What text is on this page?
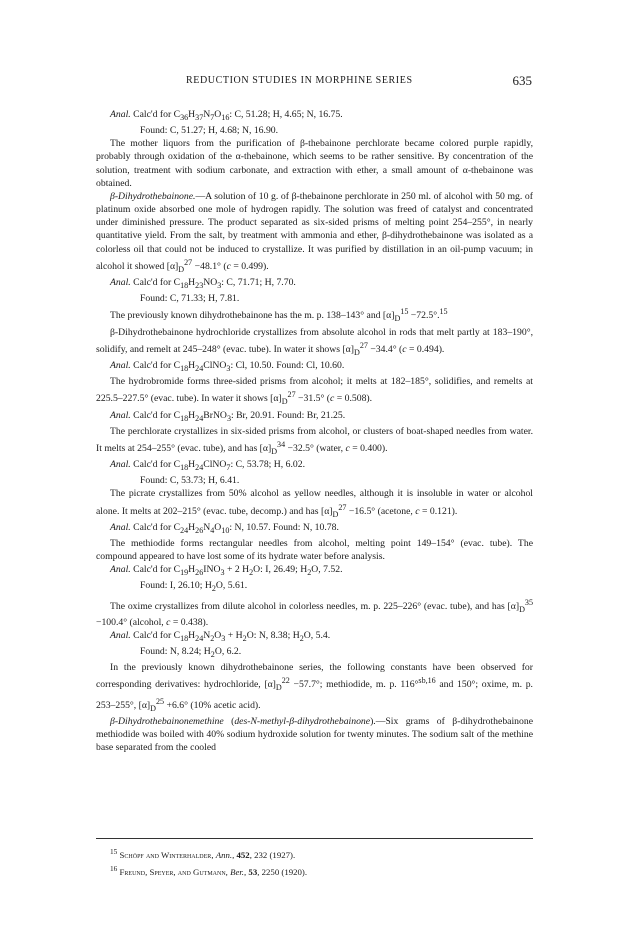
REDUCTION STUDIES IN MORPHINE SERIES	635

Anal. Calc'd for $C_{36}H_{37}N_7O_{16}$: C, 51.28; H, 4.65; N, 16.75.

Found: C, 51.27; H, 4.68; N, 16.90.

The mother liquors from the purification of β-thebainone perchlorate became colored purple rapidly, probably through oxidation of the α-thebainone, which seems to be rather sensitive. By concentration of the solution, treatment with sodium carbonate, and extraction with ether, a small amount of α-thebainone was obtained.

β-Dihydrothebainone.—A solution of 10 g. of β-thebainone perchlorate in 250 ml. of alcohol with 50 mg. of platinum oxide absorbed one mole of hydrogen rapidly. The solution was freed of catalyst and concentrated under diminished pressure. The product separated as six-sided prisms of melting point 254–255°, in nearly quantitative yield. From the salt, by treatment with ammonia and ether, β-dihydrothebainone was isolated as a colorless oil that could not be induced to crystallize. It was purified by distillation in an oil-pump vacuum; in alcohol it showed $[\alpha]_D^{27} -48.1^\circ$ (c = 0.499).

Anal. Calc'd for $C_{18}H_{23}NO_3$: C, 71.71; H, 7.70.

Found: C, 71.33; H, 7.81.

The previously known dihydrothebainone has the m. p. 138–143° and $[\alpha]_D^{15} -72.5^\circ.^{15}$

β-Dihydrothebainone hydrochloride crystallizes from absolute alcohol in rods that melt partly at 183–190°, solidify, and remelt at 245–248° (evac. tube). In water it shows $[\alpha]_D^{27} -34.4^\circ$ (c = 0.494).

Anal. Calc'd for $C_{18}H_{24}ClNO_3$: Cl, 10.50. Found: Cl, 10.60.

The hydrobromide forms three-sided prisms from alcohol; it melts at 182–185°, solidifies, and remelts at 225.5–227.5° (evac. tube). In water it shows $[\alpha]_D^{27} -31.5^\circ$ (c = 0.508).

Anal. Calc'd for $C_{18}H_{24}BrNO_3$: Br, 20.91. Found: Br, 21.25.

The perchlorate crystallizes in six-sided prisms from alcohol, or clusters of boat-shaped needles from water. It melts at 254–255° (evac. tube), and has $[\alpha]_D^{34} -32.5^\circ$ (water, c = 0.400).

Anal. Calc'd for $C_{18}H_{24}ClNO_7$: C, 53.78; H, 6.02.

Found: C, 53.73; H, 6.41.

The picrate crystallizes from 50% alcohol as yellow needles, although it is insoluble in water or alcohol alone. It melts at 202–215° (evac. tube, decomp.) and has $[\alpha]_D^{27} -16.5^\circ$ (acetone, c = 0.121).

Anal. Calc'd for $C_{24}H_{26}N_4O_{10}$: N, 10.57. Found: N, 10.78.

The methiodide forms rectangular needles from alcohol, melting point 149–154° (evac. tube). The compound appeared to have lost some of its hydrate water before analysis.

Anal. Calc'd for $C_{19}H_{26}INO_3 + 2$ $H_2O$: I, 26.49; $H_2O$, 7.52.

Found: I, 26.10; $H_2O$, 5.61.

The oxime crystallizes from dilute alcohol in colorless needles, m. p. 225–226° (evac. tube), and has $[\alpha]_D^{35} -100.4^\circ$ (alcohol, c = 0.438).

Anal. Calc'd for $C_{18}H_{24}N_2O_3 + H_2O$: N, 8.38; $H_2O$, 5.4.

Found: N, 8.24; $H_2O$, 6.2.

In the previously known dihydrothebainone series, the following constants have been observed for corresponding derivatives: hydrochloride, $[\alpha]_D^{22} -57.7^\circ$; methiodide, m. p. 116°$^{sb,16}$ and 150°; oxime, m. p. 253–255°, $[\alpha]_D^{25} +6.6^\circ$ (10% acetic acid).

β-Dihydrothebainonemethine (des-N-methyl-β-dihydrothebainone).—Six grams of β-dihydrothebainone methiodide was boiled with 40% sodium hydroxide solution for twenty minutes. The sodium salt of the methine base separated from the cooled

$^{15}$ Schöpf and Winterhalder, Ann., 452, 232 (1927).

$^{16}$ Freund, Speyer, and Gutmann, Ber., 53, 2250 (1920).
